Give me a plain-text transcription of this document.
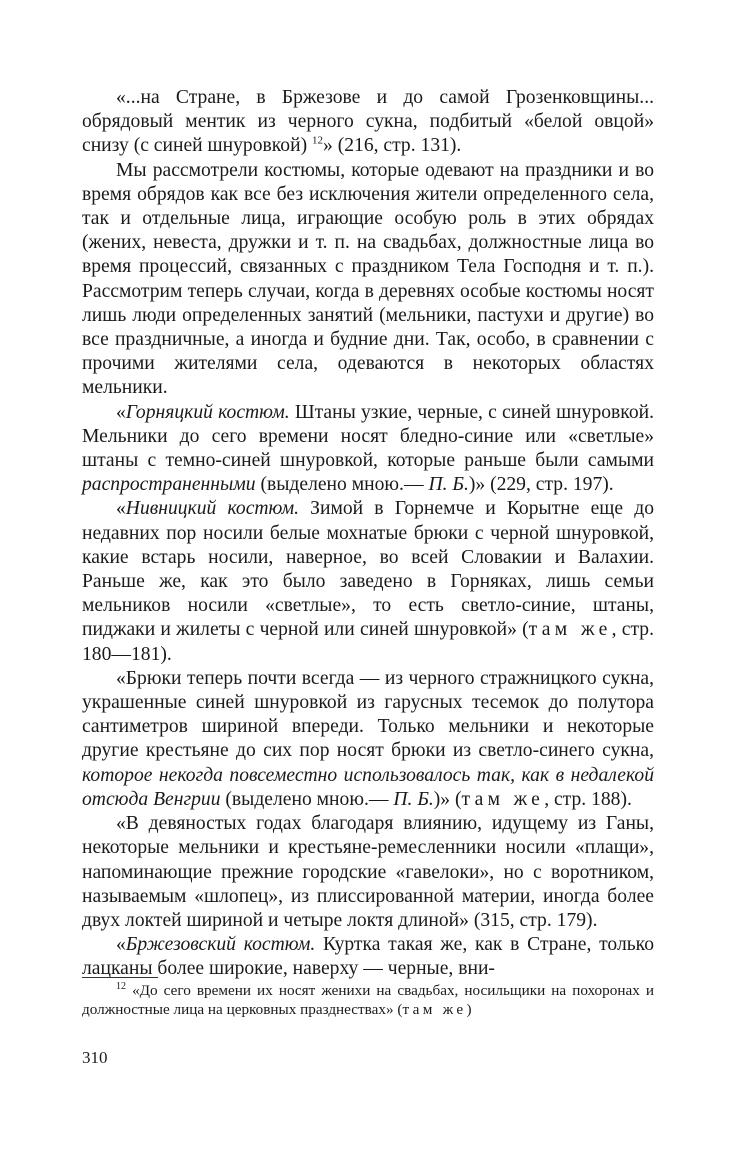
«...на Стране, в Бржезове и до самой Грозенковщины... обрядовый ментик из черного сукна, подбитый «белой овцой» снизу (с синей шнуровкой) $^{12}$» (216, стр. 131).

Мы рассмотрели костюмы, которые одевают на праздники и во время обрядов как все без исключения жители определенного села, так и отдельные лица, играющие особую роль в этих обрядах (жених, невеста, дружки и т. п. на свадьбах, должностные лица во время процессий, связанных с праздником Тела Господня и т. п.). Рассмотрим теперь случаи, когда в деревнях особые костюмы носят лишь люди определенных занятий (мельники, пастухи и другие) во все праздничные, а иногда и будние дни. Так, особо, в сравнении с прочими жителями села, одеваются в некоторых областях мельники.

«Горняцкий костюм. Штаны узкие, черные, с синей шнуровкой. Мельники до сего времени носят бледно-синие или «светлые» штаны с темно-синей шнуровкой, которые раньше были самыми распространенными (выделено мною.— П. Б.)» (229, стр. 197).

«Нивницкий костюм. Зимой в Горнемче и Корытне еще до недавних пор носили белые мохнатые брюки с черной шнуровкой, какие встарь носили, наверное, во всей Словакии и Валахии. Раньше же, как это было заведено в Горняках, лишь семьи мельников носили «светлые», то есть светло-синие, штаны, пиджаки и жилеты с черной или синей шнуровкой» (там же, стр. 180—181).

«Брюки теперь почти всегда — из черного стражницкого сукна, украшенные синей шнуровкой из гарусных тесемок до полутора сантиметров шириной впереди. Только мельники и некоторые другие крестьяне до сих пор носят брюки из светло-синего сукна, которое некогда повсеместно использовалось так, как в недалекой отсюда Венгрии (выделено мною.— П. Б.)» (там же, стр. 188).

«В девяностых годах благодаря влиянию, идущему из Ганы, некоторые мельники и крестьяне-ремесленники носили «плащи», напоминающие прежние городские «гавелоки», но с воротником, называемым «шлопец», из плиссированной материи, иногда более двух локтей шириной и четыре локтя длиной» (315, стр. 179).

«Бржезовский костюм. Куртка такая же, как в Стране, только лацканы более широкие, наверху — черные, вни-

$^{12}$ «До сего времени их носят женихи на свадьбах, носильщики на похоронах и должностные лица на церковных празднествах» (там же)

310
